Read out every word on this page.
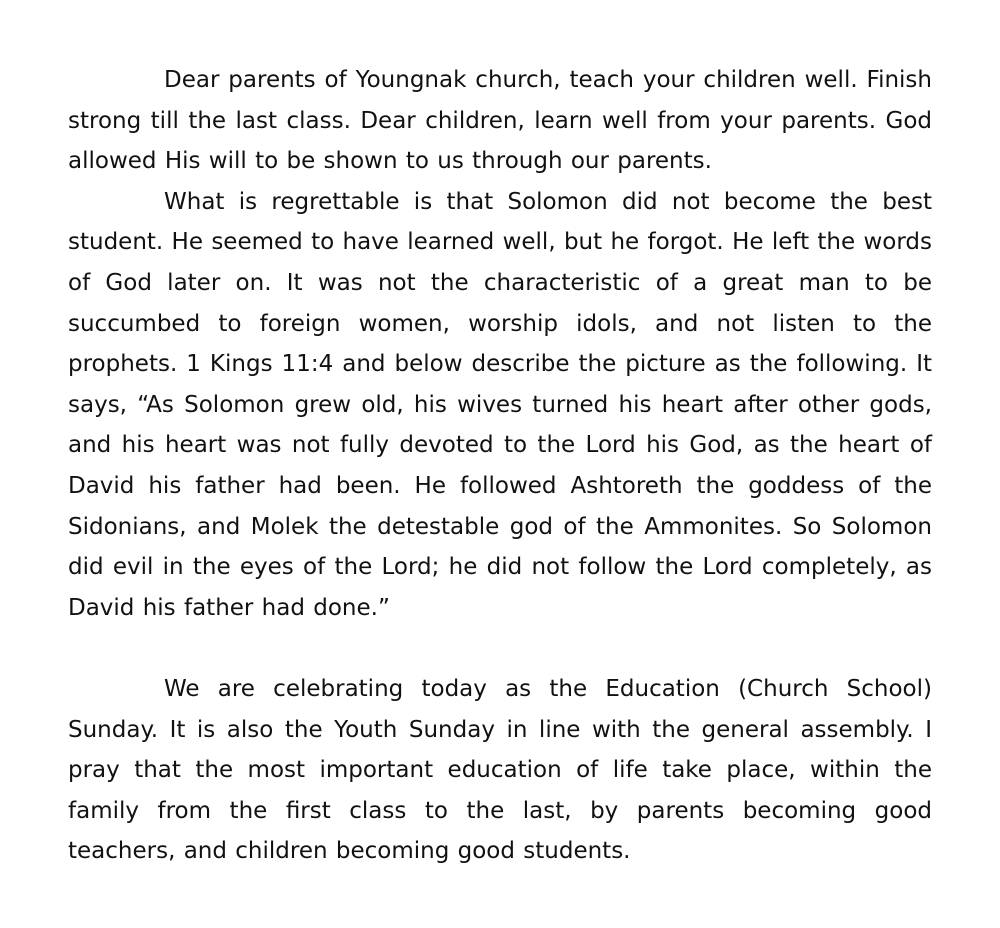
Dear parents of Youngnak church, teach your children well. Finish strong till the last class. Dear children, learn well from your parents. God allowed His will to be shown to us through our parents.

What is regrettable is that Solomon did not become the best student. He seemed to have learned well, but he forgot. He left the words of God later on. It was not the characteristic of a great man to be succumbed to foreign women, worship idols, and not listen to the prophets. 1 Kings 11:4 and below describe the picture as the following. It says, “As Solomon grew old, his wives turned his heart after other gods, and his heart was not fully devoted to the Lord his God, as the heart of David his father had been. He followed Ashtoreth the goddess of the Sidonians, and Molek the detestable god of the Ammonites. So Solomon did evil in the eyes of the Lord; he did not follow the Lord completely, as David his father had done.”

We are celebrating today as the Education (Church School) Sunday. It is also the Youth Sunday in line with the general assembly. I pray that the most important education of life take place, within the family from the first class to the last, by parents becoming good teachers, and children becoming good students.
